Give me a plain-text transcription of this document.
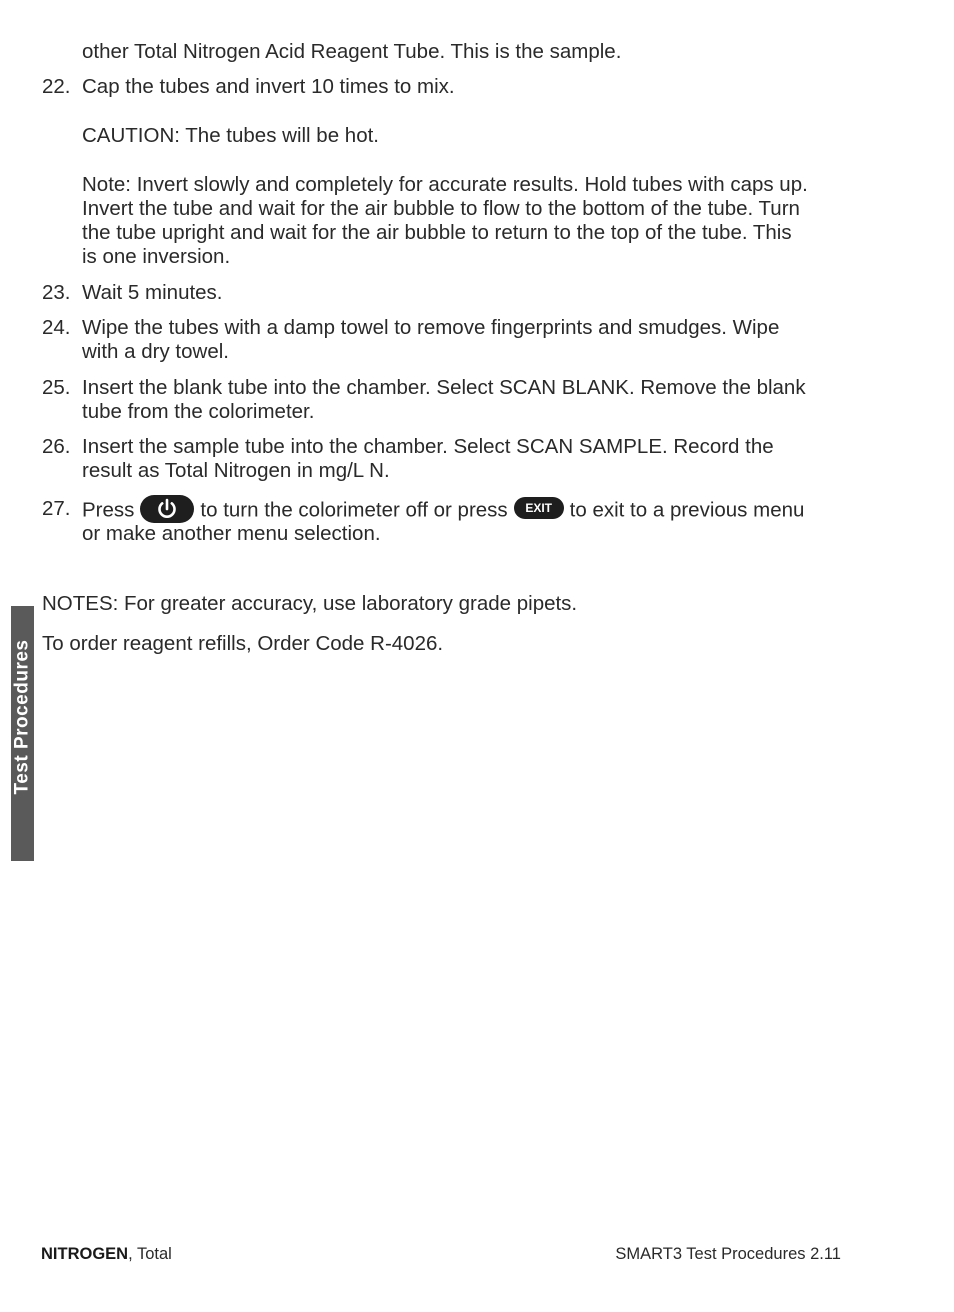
other Total Nitrogen Acid Reagent Tube. This is the sample.
22. Cap the tubes and invert 10 times to mix.
CAUTION: The tubes will be hot.
Note: Invert slowly and completely for accurate results. Hold tubes with caps up.
Invert the tube and wait for the air bubble to flow to the bottom of the tube. Turn
the tube upright and wait for the air bubble to return to the top of the tube. This
is one inversion.
23. Wait 5 minutes.
24. Wipe the tubes with a damp towel to remove fingerprints and smudges. Wipe
with a dry towel.
25. Insert the blank tube into the chamber. Select SCAN BLANK. Remove the blank
tube from the colorimeter.
26. Insert the sample tube into the chamber. Select SCAN SAMPLE. Record the
result as Total Nitrogen in mg/L N.
27. Press	to turn the colorimeter off or press EXIT to exit to a previous menu
or make another menu selection.
NOTES: For greater accuracy, use laboratory grade pipets.
To order reagent refills, Order Code R-4026.
Test Procedures
NITROGEN, Total	SMART3 Test Procedures 2.11
